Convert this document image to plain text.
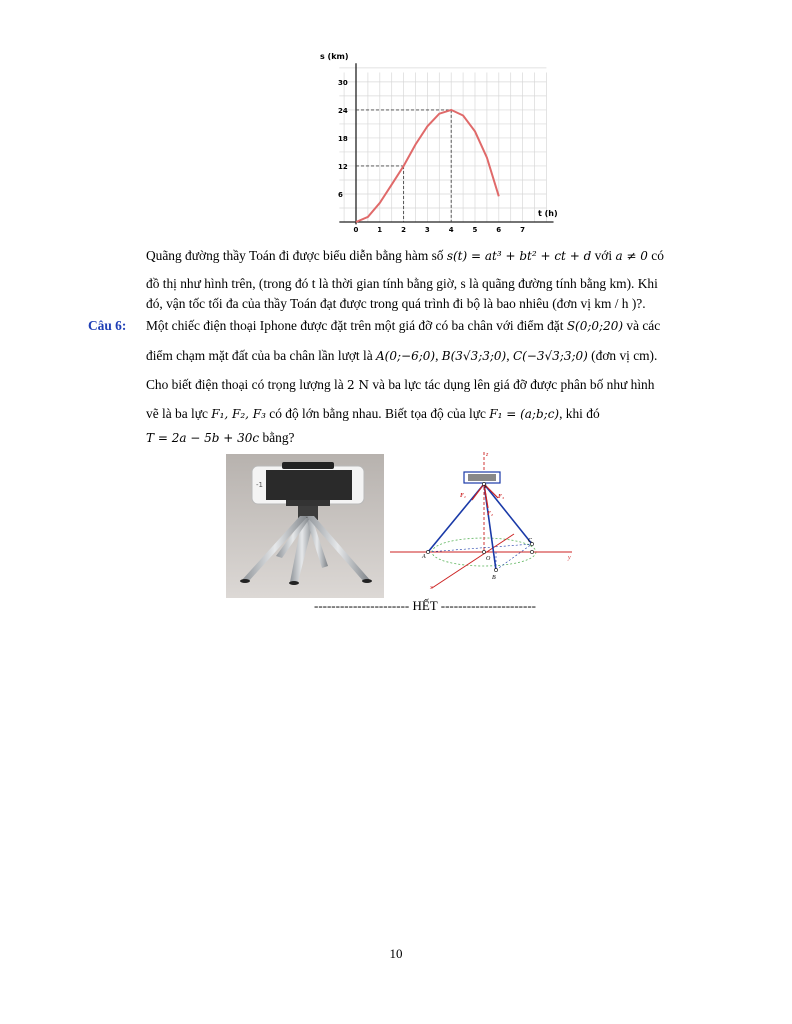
0	1	2	3	4	5	6	7
6
12
18
24
30
s (km)
t (h)
Quãng đường thầy Toán đi được biểu diễn bằng hàm số s(t) = at³ + bt² + ct + d với a ≠ 0 có
đồ thị như hình trên, (trong đó t là thời gian tính bằng giờ, s là quãng đường tính bằng km). Khi
đó, vận tốc tối đa của thầy Toán đạt được trong quá trình đi bộ là bao nhiêu (đơn vị km / h )?.
Câu 6: Một chiếc điện thoại Iphone được đặt trên một giá đỡ có ba chân với điểm đặt S(0;0;20) và các
điểm chạm mặt đất của ba chân lần lượt là A(0;−6;0), B(3√3;3;0), C(−3√3;3;0) (đơn vị cm).
Cho biết điện thoại có trọng lượng là 2 N và ba lực tác dụng lên giá đỡ được phân bố như hình
vẽ là ba lực F₁, F₂, F₃ có độ lớn bằng nhau. Biết tọa độ của lực F₁ = (a;b;c), khi đó
T = 2a − 5b + 30c bằng?
-1
z
y
x
F₁
F₂
F₃
S
A
B
C
O
---------------------- HẾT ----------------------
10
